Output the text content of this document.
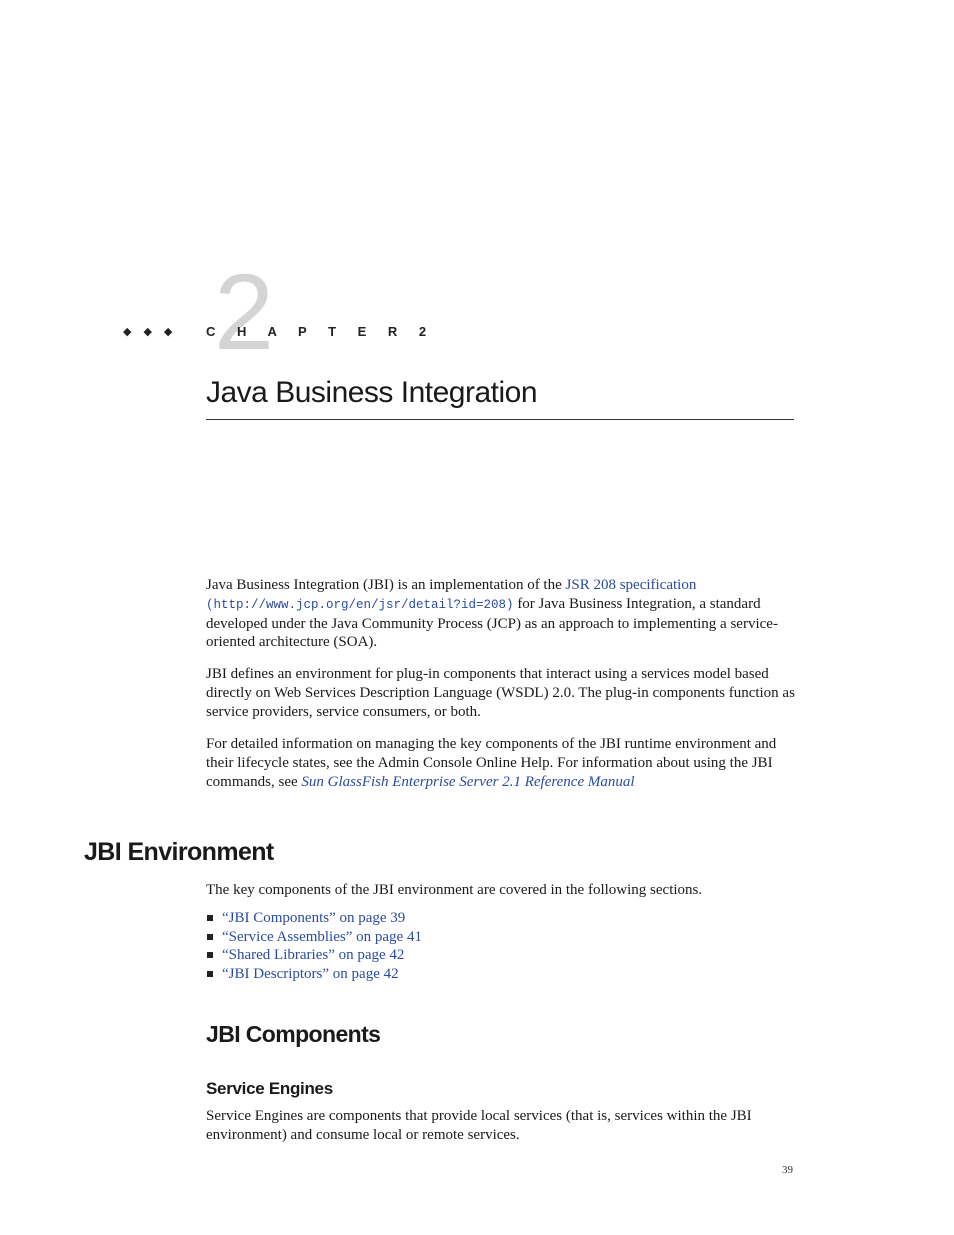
◆◆◆ 2
C H A P T E R 2
Java Business Integration
Java Business Integration (JBI) is an implementation of the JSR 208 specification
(http://www.jcp.org/en/jsr/detail?id=208) for Java Business Integration, a standard developed under the Java Community Process (JCP) as an approach to implementing a service-oriented architecture (SOA).
JBI defines an environment for plug-in components that interact using a services model based directly on Web Services Description Language (WSDL) 2.0. The plug-in components function as service providers, service consumers, or both.
For detailed information on managing the key components of the JBI runtime environment and their lifecycle states, see the Admin Console Online Help. For information about using the JBI commands, see Sun GlassFish Enterprise Server 2.1 Reference Manual
JBI Environment
The key components of the JBI environment are covered in the following sections.
“JBI Components” on page 39
“Service Assemblies” on page 41
“Shared Libraries” on page 42
“JBI Descriptors” on page 42
JBI Components
Service Engines
Service Engines are components that provide local services (that is, services within the JBI environment) and consume local or remote services.
39
